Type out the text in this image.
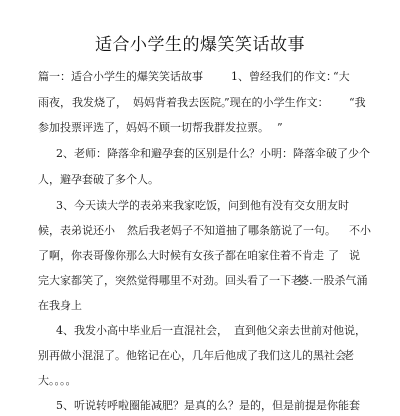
适合小学生的爆笑笑话故事
篇一：适合小学生的爆笑笑话故事	1、曾经我们的作文：
“大
雨夜， 我发烧了， 妈妈背着我去医院。
”现在的小学生作文： “我
参加投票评选了，妈妈不顾一切帮我群发拉票。 ”
2、老师：降落伞和避孕套的区别是什么 ？小明：降落伞破了少个
人，避孕套破了多个人。
3、今天读大学的表弟来我家吃饭，问到他有没有交女朋友时
候，表弟说还小 然后我老妈子不知道抽了哪条筋说了一句。 不小
了啊，你表哥像你那么大时候有女孩子都在咱家住着不肯走 了 说
完大家都笑了，突然觉得哪里不对劲。回头看了一下老
婆.一股杀气涌
在我身上
4、我发小高中毕业后一直混社会， 直到他父亲去世前对他说，
别再做小混混了。他铭记在心，几年后他成了我们这儿的黑社会
老
大。。。。
5、听说转呼啦圈能减肥？是真的么 ？是的，但是前提是你能套
